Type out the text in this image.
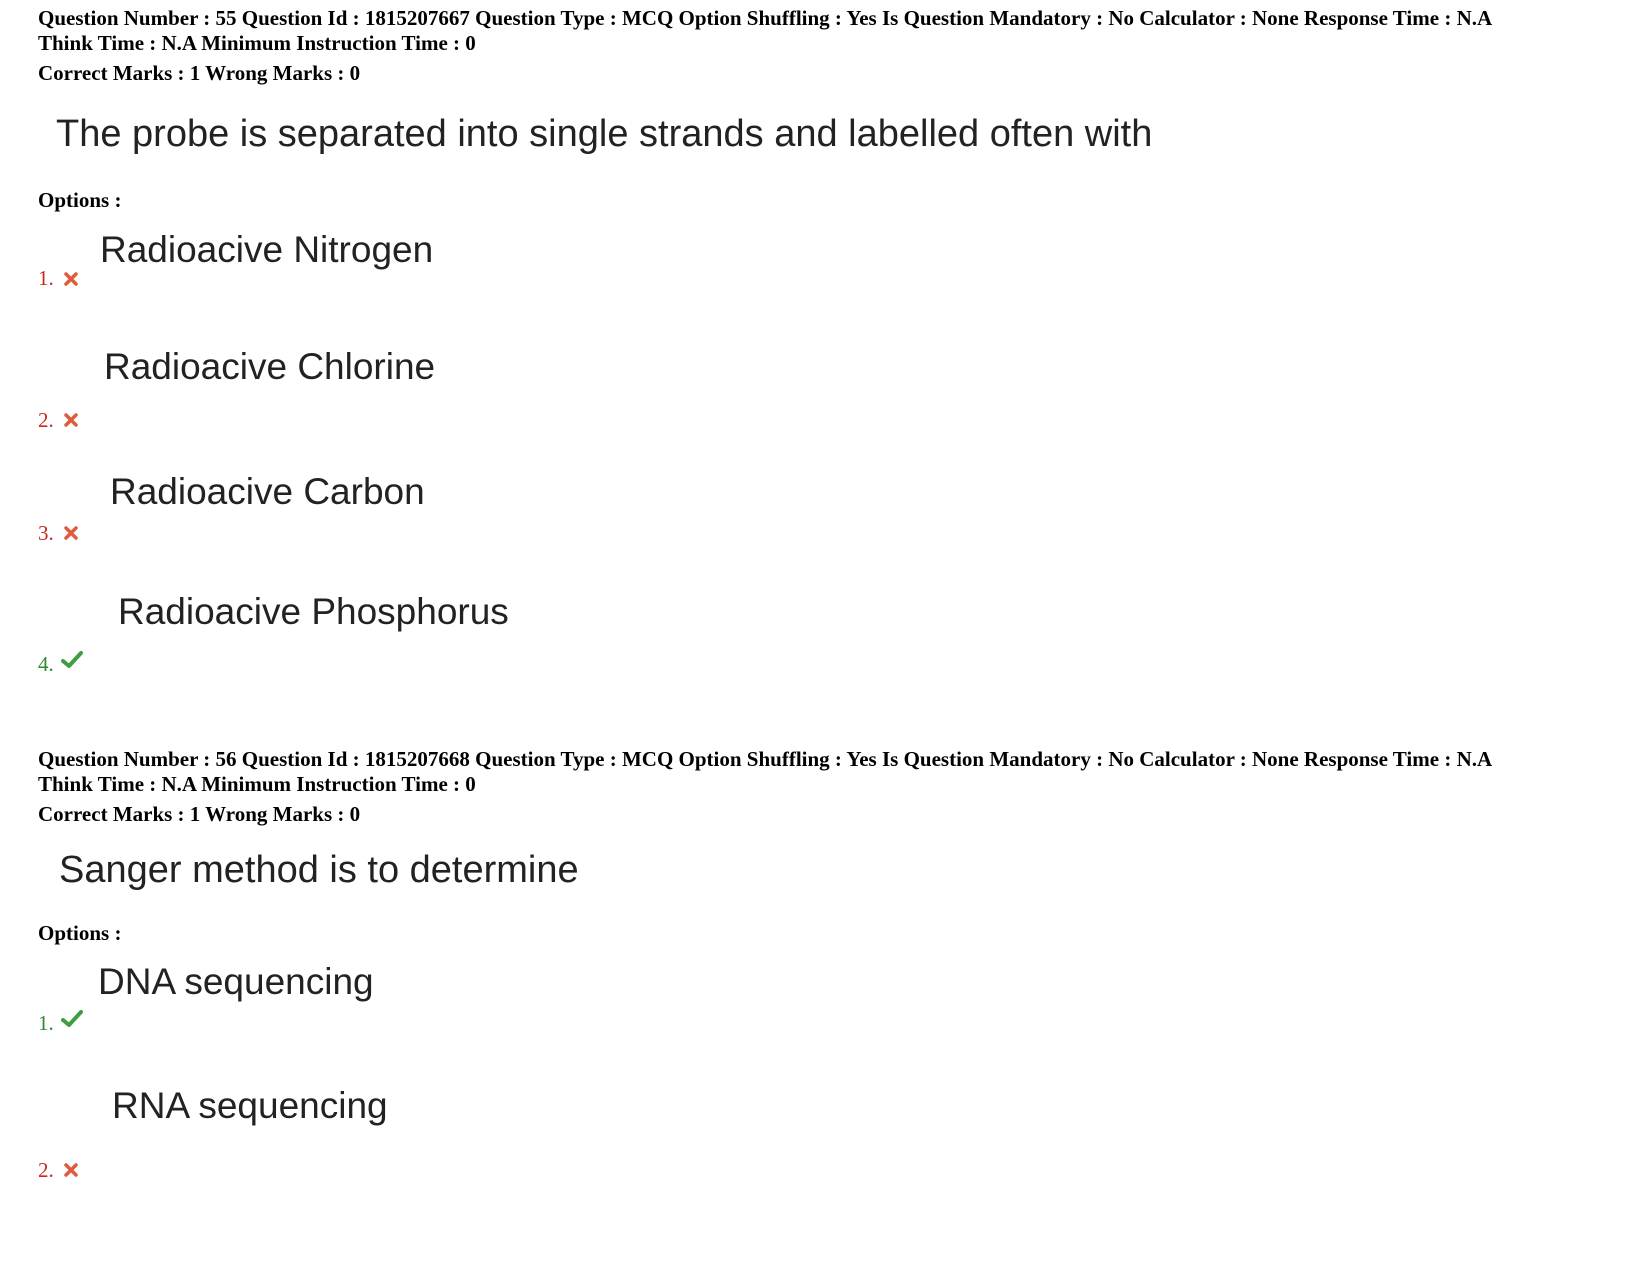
Question Number : 55 Question Id : 1815207667 Question Type : MCQ Option Shuffling : Yes Is Question Mandatory : No Calculator : None Response Time : N.A
Think Time : N.A Minimum Instruction Time : 0
Correct Marks : 1 Wrong Marks : 0
The probe is separated into single strands and labelled often with
Options :
Radioacive Nitrogen
1.
Radioacive Chlorine
2.
Radioacive Carbon
3.
Radioacive Phosphorus
4.
Question Number : 56 Question Id : 1815207668 Question Type : MCQ Option Shuffling : Yes Is Question Mandatory : No Calculator : None Response Time : N.A
Think Time : N.A Minimum Instruction Time : 0
Correct Marks : 1 Wrong Marks : 0
Sanger method is to determine
Options :
DNA sequencing
1.
RNA sequencing
2.
